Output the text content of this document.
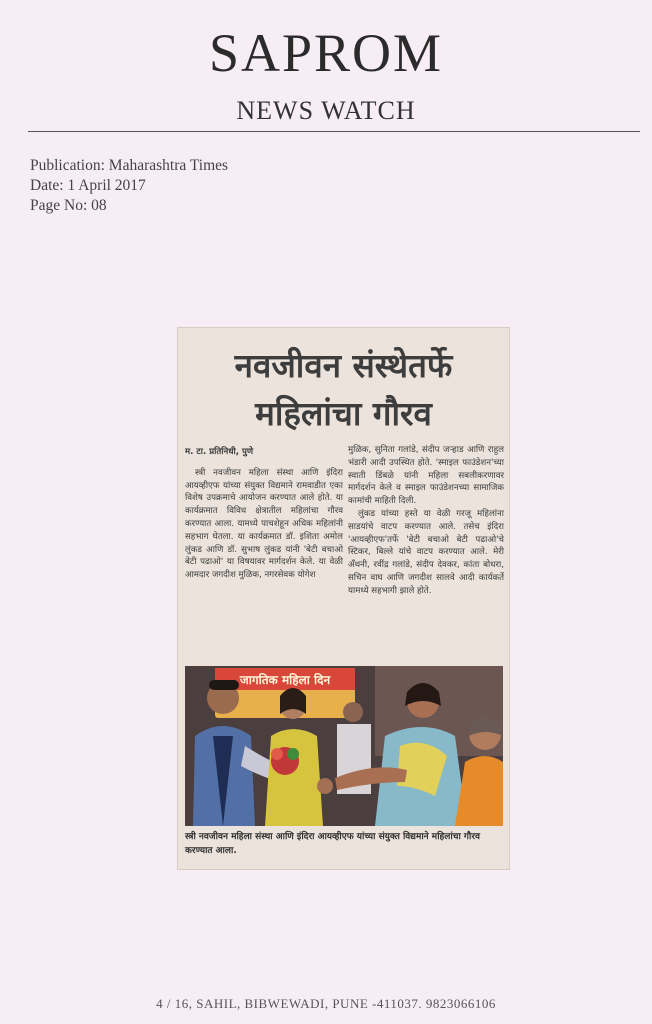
SAPROM
NEWS WATCH
Publication: Maharashtra Times
Date: 1 April 2017
Page No: 08
नवजीवन संस्थेतर्फे
महिलांचा गौरव
म. टा. प्रतिनिधी, पुणे

स्त्री नवजीवन महिला संस्था आणि इंदिरा आयव्हीएफ यांच्या संयुक्त विद्यमाने रामवाडीत एका विशेष उपक्रमाचे आयोजन करण्यात आले होते. या कार्यक्रमात विविध क्षेत्रातील महिलांचा गौरव करण्यात आला. यामध्ये पाचशेहून अधिक महिलांनी सहभाग घेतला. या कार्यक्रमात डॉ. इशिता अमोल लुंकड आणि डॉ. सुभाष लुंकड यांनी 'बेटी बचाओ बेटी पढाओ' या विषयावर मार्गदर्शन केले. या वेळी आमदार जगदीश मुळिक, नगरसेवक योगेश

मुळिक, सुनिता गलांडे, संदीप जऱ्हाड आणि राहुल भंडारी आदी उपस्थित होते. 'स्माइल फाउंडेशन'च्या स्वाती डिंबळे यांनी महिला सबलीकरणावर मार्गदर्शन केले व स्माइल फाउंडेशनच्या सामाजिक कामांची माहिती दिली.

लुंकड यांच्या हस्ते या वेळी गरजू महिलांना साडयांचे वाटप करण्यात आले. तसेच इंदिरा 'आयव्हीएफ'तर्फे 'बेटी बचाओ बेटी पढाओ'चे स्टिकर, बिल्ले यांचे वाटप करण्यात आले. मेरी अँथनी, रवींद्र गलांडे, संदीप देवकर, कांता बोधरा, सचिन वाघ आणि जगदीश सालवे आदी कार्यकर्ते यामध्ये सहभागी झाले होते.

जागतिक महिला दिन
स्त्री नवजीवन महिला संस्था आणि इंदिरा आयव्हीएफ यांच्या संयुक्त विद्यमाने महिलांचा गौरव करण्यात आला.
4 / 16, SAHIL, BIBWEWADI, PUNE -411037. 9823066106
